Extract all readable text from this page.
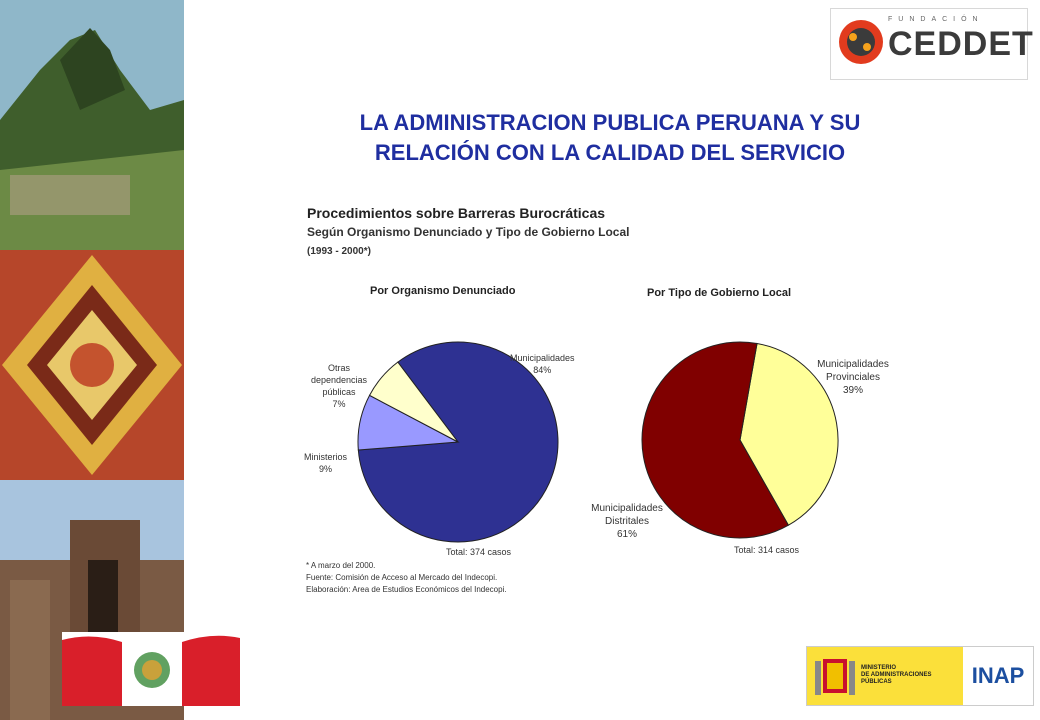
FUNDACIÓN
CEDDET
LA ADMINISTRACION PUBLICA PERUANA Y SU
RELACIÓN CON LA CALIDAD DEL SERVICIO
Procedimientos sobre Barreras Burocráticas
Según Organismo Denunciado y Tipo de Gobierno Local
(1993 - 2000*)
Por Organismo Denunciado	Por Tipo de Gobierno Local
Municipalidades
84%
Otras dependencias públicas
7%
Ministerios
9%
Total: 374 casos
Municipalidades Provinciales
39%
Municipalidades Distritales
61%
Total: 314 casos
* A marzo del 2000.
Fuente: Comisión de Acceso al Mercado del Indecopi.
Elaboración: Area de Estudios Económicos del Indecopi.
MINISTERIO
DE ADMINISTRACIONES
PÚBLICAS	INAP
